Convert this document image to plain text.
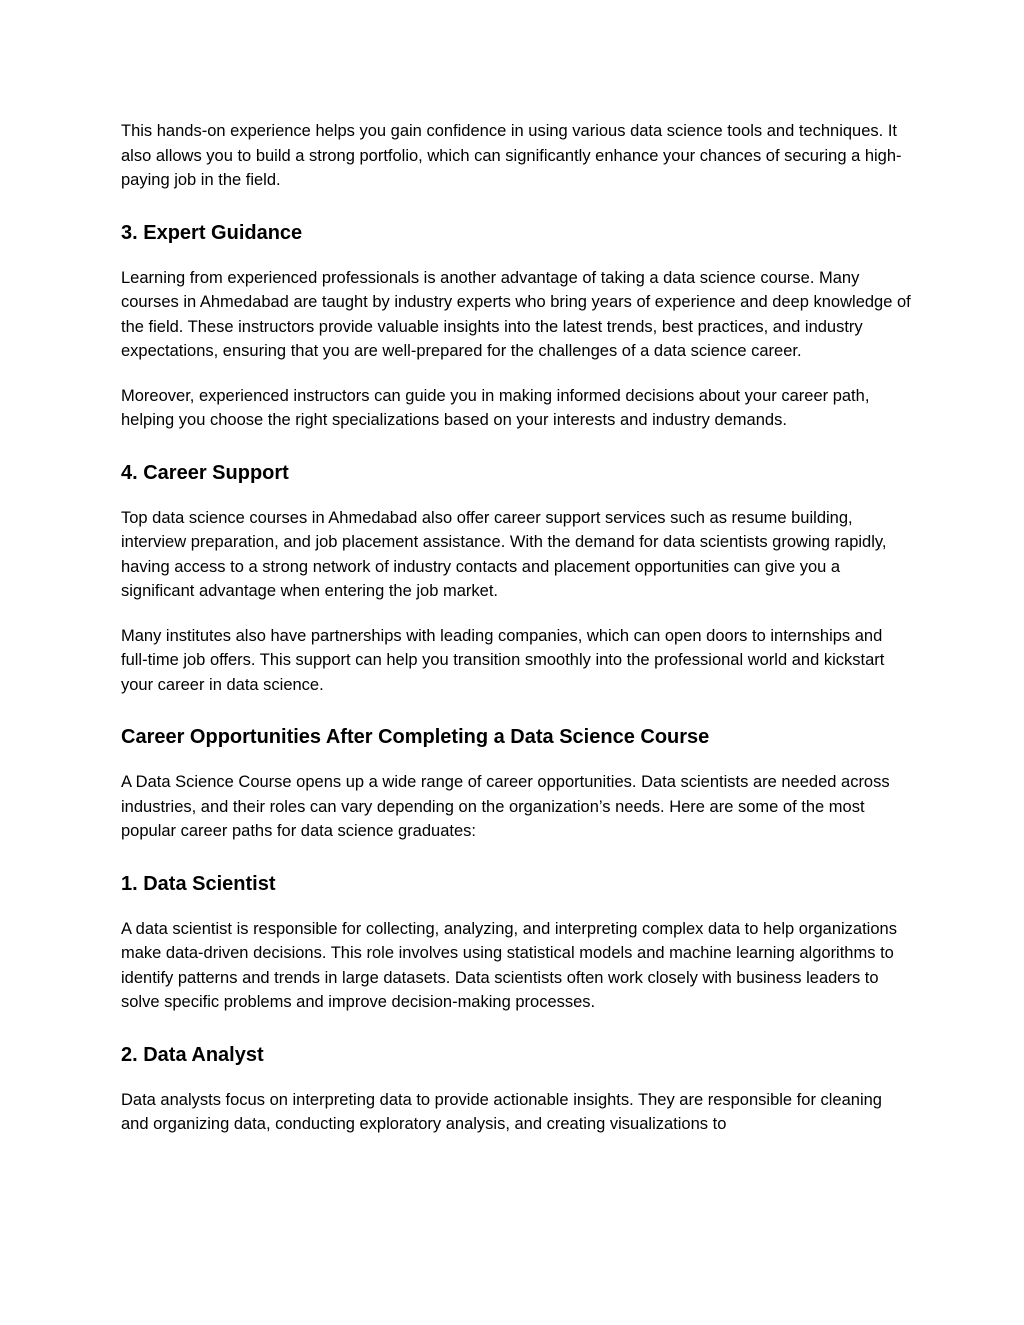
This hands-on experience helps you gain confidence in using various data science tools and techniques. It also allows you to build a strong portfolio, which can significantly enhance your chances of securing a high-paying job in the field.

3. Expert Guidance

Learning from experienced professionals is another advantage of taking a data science course. Many courses in Ahmedabad are taught by industry experts who bring years of experience and deep knowledge of the field. These instructors provide valuable insights into the latest trends, best practices, and industry expectations, ensuring that you are well-prepared for the challenges of a data science career.

Moreover, experienced instructors can guide you in making informed decisions about your career path, helping you choose the right specializations based on your interests and industry demands.

4. Career Support

Top data science courses in Ahmedabad also offer career support services such as resume building, interview preparation, and job placement assistance. With the demand for data scientists growing rapidly, having access to a strong network of industry contacts and placement opportunities can give you a significant advantage when entering the job market.

Many institutes also have partnerships with leading companies, which can open doors to internships and full-time job offers. This support can help you transition smoothly into the professional world and kickstart your career in data science.

Career Opportunities After Completing a Data Science Course

A Data Science Course opens up a wide range of career opportunities. Data scientists are needed across industries, and their roles can vary depending on the organization’s needs. Here are some of the most popular career paths for data science graduates:

1. Data Scientist

A data scientist is responsible for collecting, analyzing, and interpreting complex data to help organizations make data-driven decisions. This role involves using statistical models and machine learning algorithms to identify patterns and trends in large datasets. Data scientists often work closely with business leaders to solve specific problems and improve decision-making processes.

2. Data Analyst

Data analysts focus on interpreting data to provide actionable insights. They are responsible for cleaning and organizing data, conducting exploratory analysis, and creating visualizations to
